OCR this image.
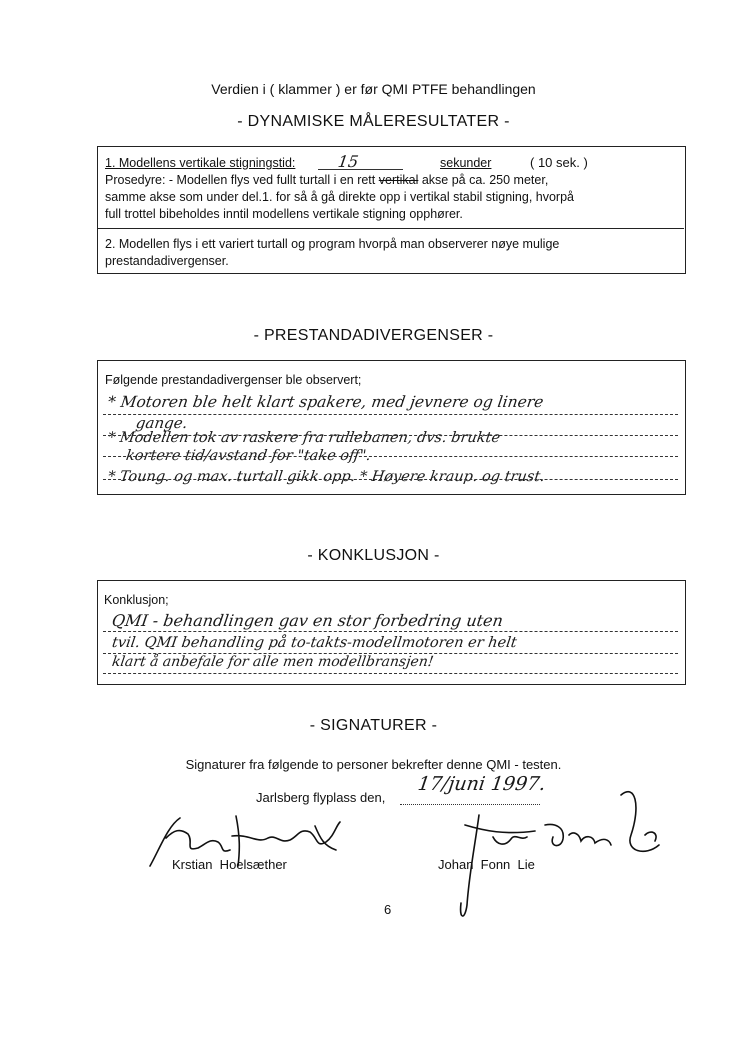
Verdien i ( klammer ) er før QMI PTFE behandlingen
- DYNAMISKE MÅLERESULTATER -
1. Modellens vertikale stigningstid:	15	sekunder	( 10 sek. )
Prosedyre: - Modellen flys ved fullt turtall i en rett vertikal akse på ca. 250 meter,
samme akse som under del.1. for så å gå direkte opp i vertikal stabil stigning, hvorpå
full trottel bibeholdes inntil modellens vertikale stigning opphører.
2. Modellen flys i ett variert turtall og program hvorpå man observerer nøye mulige
prestandadivergenser.
- PRESTANDADIVERGENSER -
Følgende prestandadivergenser ble observert;
* Motoren ble helt klart spakere, med jevnere og linere
gange.
* Modellen tok av raskere fra rullebanen, dvs. brukte
kortere tid/avstand for "take off".
* Toung. og max. turtall gikk opp. * Høyere kraup. og trust.
- KONKLUSJON -
Konklusjon;
QMI - behandlingen gav en stor forbedring uten
tvil. QMI behandling på to-takts-modellmotoren er helt
klart å anbefale for alle men modellbransjen!
- SIGNATURER -
Signaturer fra følgende to personer bekrefter denne QMI - testen.
Jarlsberg flyplass den,
17/juni 1997.
Krstian  Hoelsæther	Johan  Fonn  Lie
6
